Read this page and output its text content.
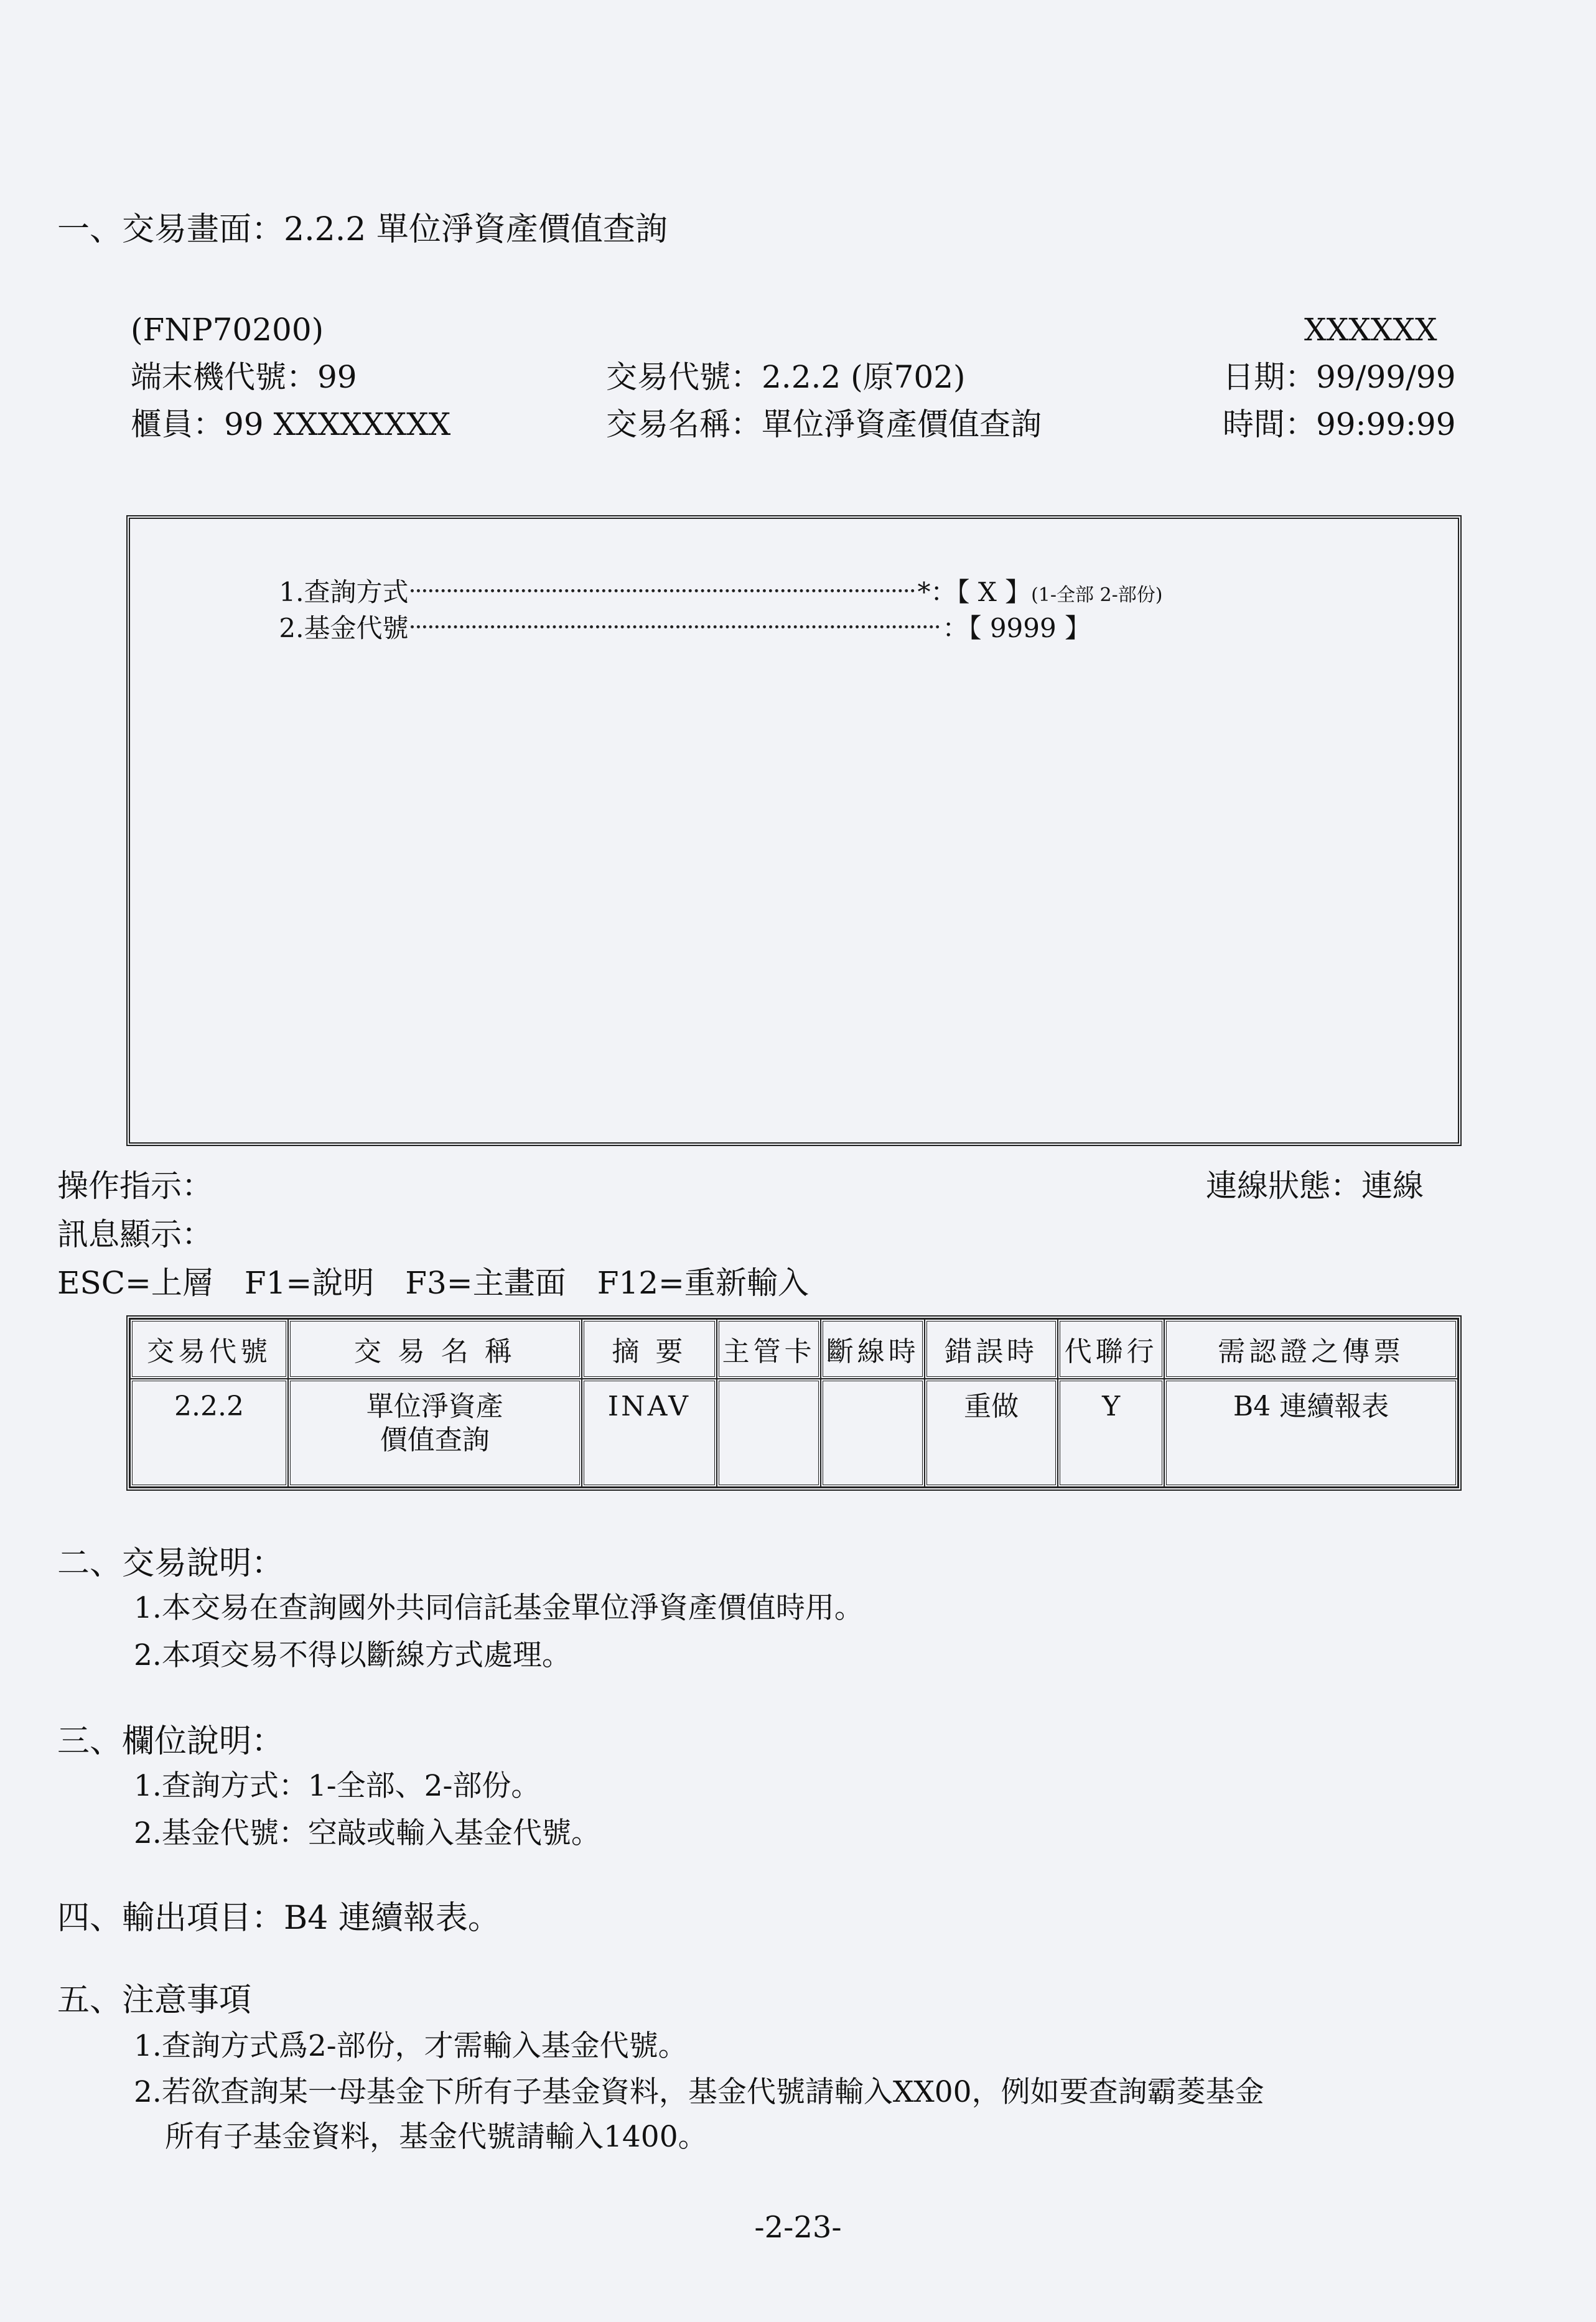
一、交易畫面：2.2.2 單位淨資產價值查詢
(FNP70200)	XXXXXX
端末機代號：99	交易代號：2.2.2 (原702)	日期：99/99/99
櫃員：99 XXXXXXXX	交易名稱：單位淨資產價值查詢	時間：99:99:99

1.查詢方式	*：【 X 】(1-全部 2-部份)

2.基金代號	：【 9999 】

操作指示：	連線狀態：連線
訊息顯示：
ESC=上層　F1=說明　F3=主畫面　F12=重新輸入
交易代號	交 易 名 稱	摘 要	主管卡	斷線時	錯誤時	代聯行	需認證之傳票
2.2.2	單位淨資產
價值查詢	INAV			重做	Y	B4 連續報表
二、交易說明：
1.本交易在查詢國外共同信託基金單位淨資產價值時用。
2.本項交易不得以斷線方式處理。
三、欄位說明：
1.查詢方式：1-全部、2-部份。
2.基金代號：空敲或輸入基金代號。
四、輸出項目：B4 連續報表。
五、注意事項
1.查詢方式爲2-部份，才需輸入基金代號。
2.若欲查詢某一母基金下所有子基金資料，基金代號請輸入XX00，例如要查詢霸菱基金
所有子基金資料，基金代號請輸入1400。
-2-23-
